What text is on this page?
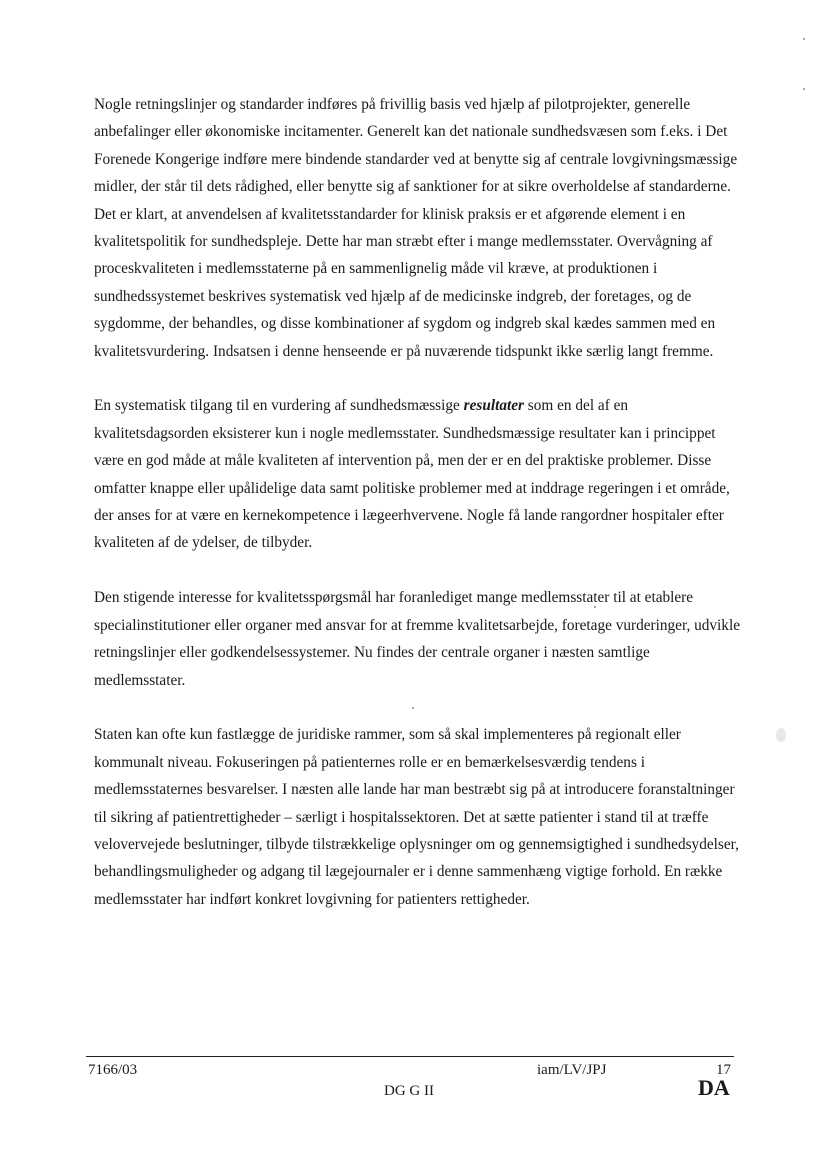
Nogle retningslinjer og standarder indføres på frivillig basis ved hjælp af pilotprojekter, generelle anbefalinger eller økonomiske incitamenter. Generelt kan det nationale sundhedsvæsen som f.eks. i Det Forenede Kongerige indføre mere bindende standarder ved at benytte sig af centrale lovgivningsmæssige midler, der står til dets rådighed, eller benytte sig af sanktioner for at sikre overholdelse af standarderne. Det er klart, at anvendelsen af kvalitetsstandarder for klinisk praksis er et afgørende element i en kvalitetspolitik for sundhedspleje. Dette har man stræbt efter i mange medlemsstater. Overvågning af proceskvaliteten i medlemsstaterne på en sammenlignelig måde vil kræve, at produktionen i sundhedssystemet beskrives systematisk ved hjælp af de medicinske indgreb, der foretages, og de sygdomme, der behandles, og disse kombinationer af sygdom og indgreb skal kædes sammen med en kvalitetsvurdering. Indsatsen i denne henseende er på nuværende tidspunkt ikke særlig langt fremme.

En systematisk tilgang til en vurdering af sundhedsmæssige resultater som en del af en kvalitetsdagsorden eksisterer kun i nogle medlemsstater. Sundhedsmæssige resultater kan i princippet være en god måde at måle kvaliteten af intervention på, men der er en del praktiske problemer. Disse omfatter knappe eller upålidelige data samt politiske problemer med at inddrage regeringen i et område, der anses for at være en kernekompetence i lægeerhvervene. Nogle få lande rangordner hospitaler efter kvaliteten af de ydelser, de tilbyder.

Den stigende interesse for kvalitetsspørgsmål har foranlediget mange medlemsstater til at etablere specialinstitutioner eller organer med ansvar for at fremme kvalitetsarbejde, foretage vurderinger, udvikle retningslinjer eller godkendelsessystemer. Nu findes der centrale organer i næsten samtlige medlemsstater.

Staten kan ofte kun fastlægge de juridiske rammer, som så skal implementeres på regionalt eller kommunalt niveau. Fokuseringen på patienternes rolle er en bemærkelsesværdig tendens i medlemsstaternes besvarelser. I næsten alle lande har man bestræbt sig på at introducere foranstaltninger til sikring af patientrettigheder – særligt i hospitalssektoren. Det at sætte patienter i stand til at træffe velovervejede beslutninger, tilbyde tilstrækkelige oplysninger om og gennemsigtighed i sundhedsydelser, behandlingsmuligheder og adgang til lægejournaler er i denne sammenhæng vigtige forhold. En række medlemsstater har indført konkret lovgivning for patienters rettigheder.

7166/03
DG G II
iam/LV/JPJ	17
DA
